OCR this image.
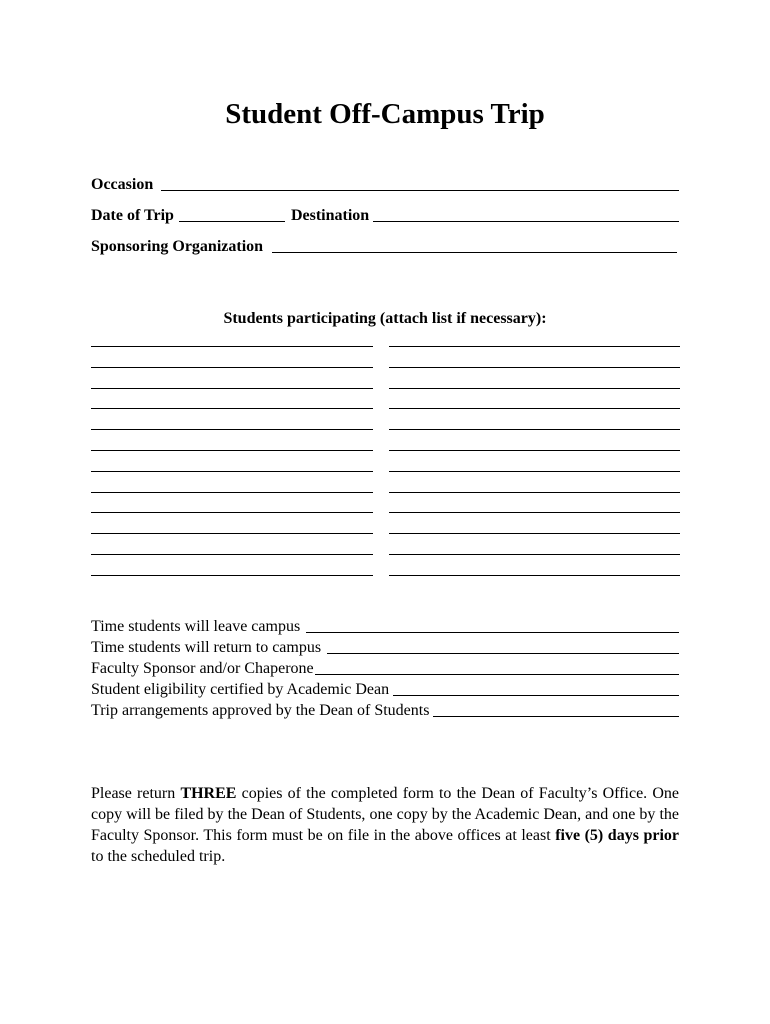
Student Off-Campus Trip
Occasion
Date of Trip	Destination
Sponsoring Organization
Students participating (attach list if necessary):
Time students will leave campus
Time students will return to campus
Faculty Sponsor and/or Chaperone
Student eligibility certified by Academic Dean
Trip arrangements approved by the Dean of Students
Please return THREE copies of the completed form to the Dean of Faculty’s Office. One copy will be filed by the Dean of Students, one copy by the Academic Dean, and one by the Faculty Sponsor. This form must be on file in the above offices at least five (5) days prior to the scheduled trip.
